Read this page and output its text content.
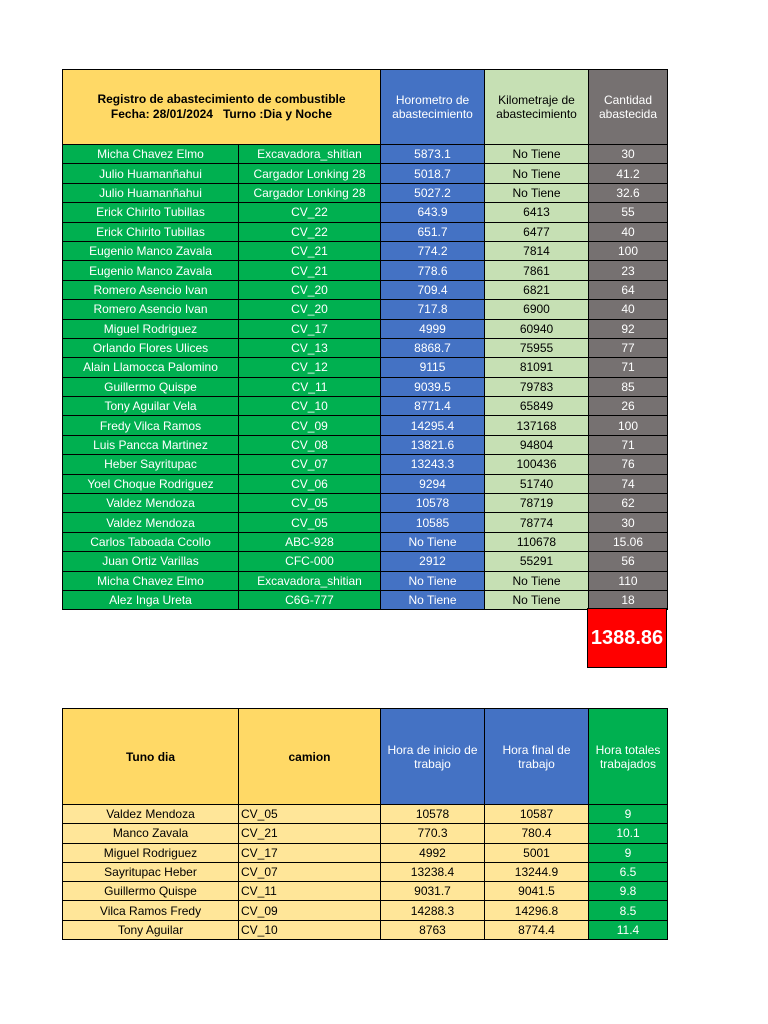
Registro de abastecimiento de combustible
Fecha: 28/01/2024   Turno :Dia y Noche		Horometro de abastecimiento	Kilometraje de abastecimiento	Cantidad abastecida
Micha Chavez Elmo	Excavadora_shitian	5873.1	No Tiene	30
Julio Huamanñahui	Cargador Lonking 28	5018.7	No Tiene	41.2
Julio Huamanñahui	Cargador Lonking 28	5027.2	No Tiene	32.6
Erick Chirito Tubillas	CV_22	643.9	6413	55
Erick Chirito Tubillas	CV_22	651.7	6477	40
Eugenio Manco Zavala	CV_21	774.2	7814	100
Eugenio Manco Zavala	CV_21	778.6	7861	23
Romero Asencio Ivan	CV_20	709.4	6821	64
Romero Asencio Ivan	CV_20	717.8	6900	40
Miguel Rodriguez	CV_17	4999	60940	92
Orlando Flores Ulices	CV_13	8868.7	75955	77
Alain Llamocca Palomino	CV_12	9115	81091	71
Guillermo Quispe	CV_11	9039.5	79783	85
Tony Aguilar Vela	CV_10	8771.4	65849	26
Fredy Vilca Ramos	CV_09	14295.4	137168	100
Luis Pancca Martinez	CV_08	13821.6	94804	71
Heber Sayritupac	CV_07	13243.3	100436	76
Yoel Choque Rodriguez	CV_06	9294	51740	74
Valdez Mendoza	CV_05	10578	78719	62
Valdez Mendoza	CV_05	10585	78774	30
Carlos Taboada Ccollo	ABC-928	No Tiene	110678	15.06
Juan Ortiz Varillas	CFC-000	2912	55291	56
Micha Chavez Elmo	Excavadora_shitian	No Tiene	No Tiene	110
Alez Inga Ureta	C6G-777	No Tiene	No Tiene	18
1388.86
Tuno dia	camion	Hora de inicio de trabajo	Hora final de trabajo	Hora totales trabajados
Valdez Mendoza	CV_05	10578	10587	9
Manco Zavala	CV_21	770.3	780.4	10.1
Miguel Rodriguez	CV_17	4992	5001	9
Sayritupac Heber	CV_07	13238.4	13244.9	6.5
Guillermo Quispe	CV_11	9031.7	9041.5	9.8
Vilca Ramos Fredy	CV_09	14288.3	14296.8	8.5
Tony Aguilar	CV_10	8763	8774.4	11.4
